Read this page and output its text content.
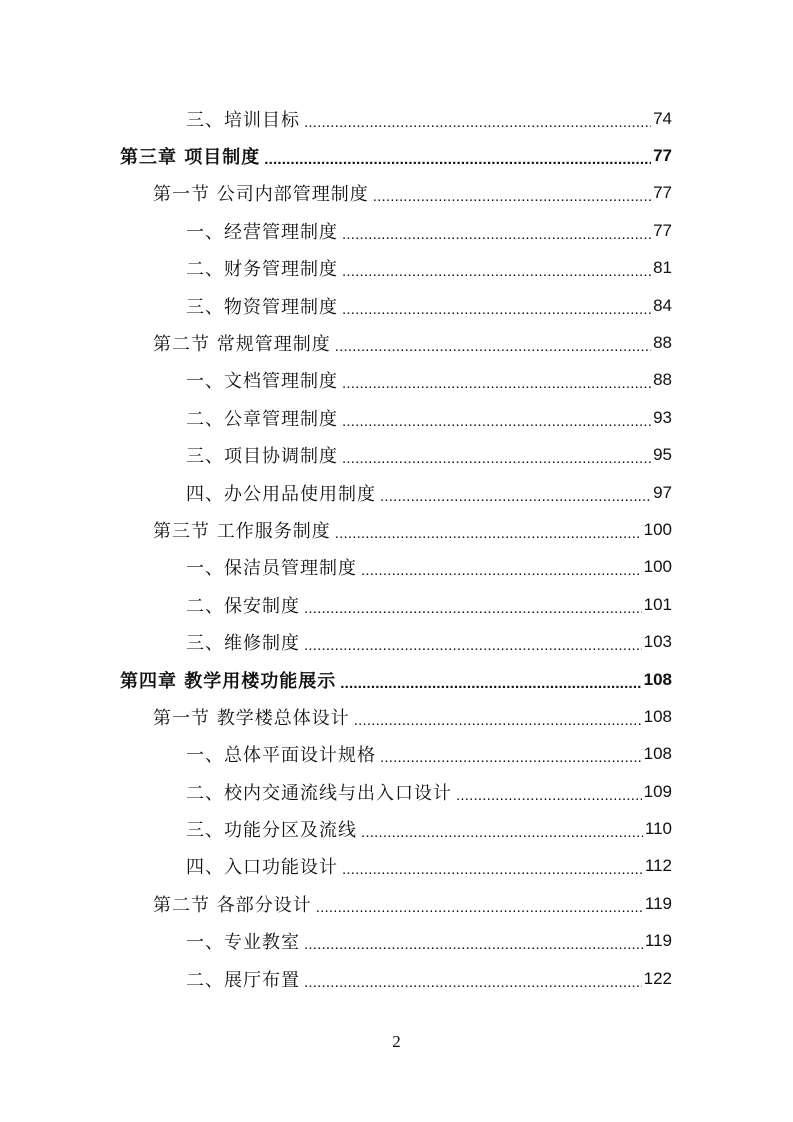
三、培训目标 .....	74
第三章 项目制度 .....	77
第一节 公司内部管理制度 .....	77
一、经营管理制度 .....	77
二、财务管理制度 .....	81
三、物资管理制度 .....	84
第二节 常规管理制度 .....	88
一、文档管理制度 .....	88
二、公章管理制度 .....	93
三、项目协调制度 .....	95
四、办公用品使用制度 .....	97
第三节 工作服务制度 .....	100
一、保洁员管理制度 .....	100
二、保安制度 .....	101
三、维修制度 .....	103
第四章 教学用楼功能展示 .....	108
第一节 教学楼总体设计 .....	108
一、总体平面设计规格 .....	108
二、校内交通流线与出入口设计 .....	109
三、功能分区及流线 .....	110
四、入口功能设计 .....	112
第二节 各部分设计 .....	119
一、专业教室 .....	119
二、展厅布置 .....	122
2
